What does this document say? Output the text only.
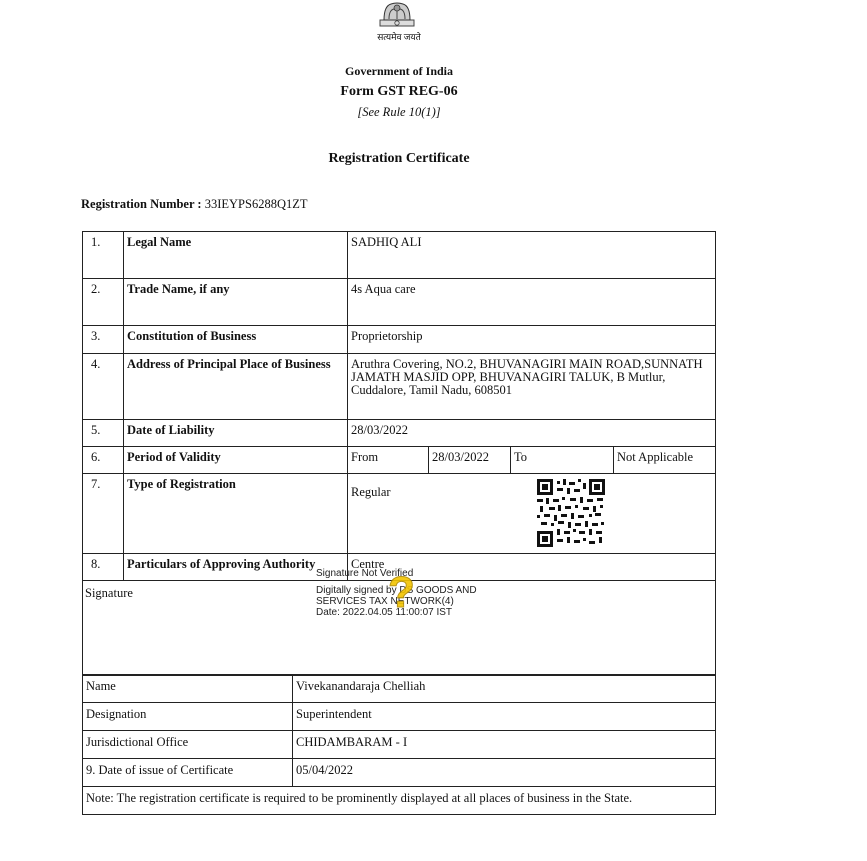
सत्यमेव जयते
Government of India
Form GST REG-06
[See Rule 10(1)]
Registration Certificate
Registration Number : 33IEYPS6288Q1ZT
1.	Legal Name	SADHIQ ALI			
2.	Trade Name, if any	4s Aqua care			
3.	Constitution of Business	Proprietorship			
4.	Address of Principal Place of Business	Aruthra Covering, NO.2, BHUVANAGIRI MAIN ROAD,SUNNATH JAMATH MASJID OPP, BHUVANAGIRI TALUK, B Mutlur, Cuddalore, Tamil Nadu, 608501			
5.	Date of Liability	28/03/2022			
6.	Period of Validity	From	28/03/2022	To	Not Applicable
7.	Type of Registration	Regular			

8.	Particulars of Approving Authority	Centre			
Signature					
Signature Not Verified
Digitally signed by DS GOODS AND SERVICES TAX NETWORK(4)
Date: 2022.04.05 11:00:07 IST
?
Name	Vivekanandaraja Chelliah
Designation	Superintendent
Jurisdictional Office	CHIDAMBARAM - I
9. Date of issue of Certificate	05/04/2022
Note: The registration certificate is required to be prominently displayed at all places of business in the State.	
